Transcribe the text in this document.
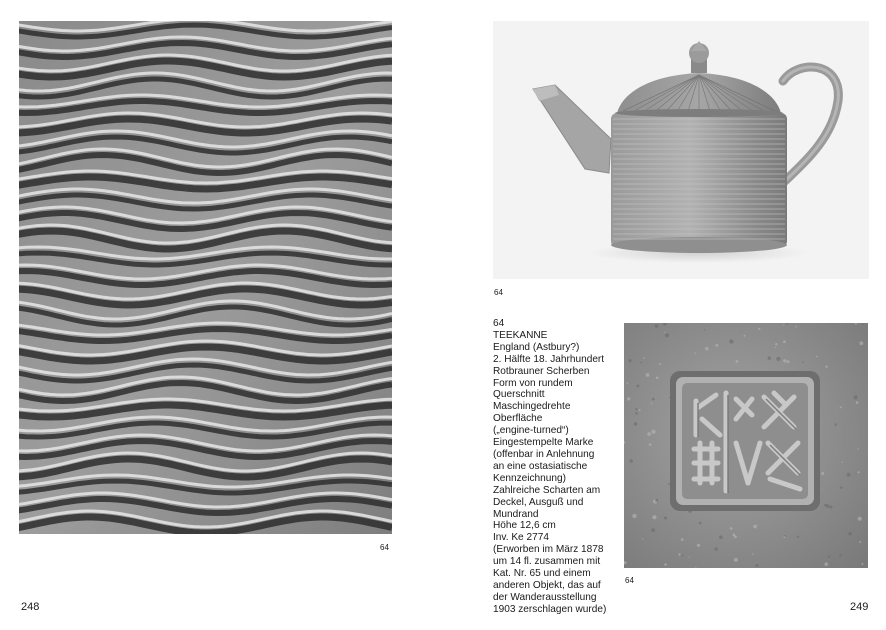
64
248
64
64
TEEKANNE
England (Astbury?)
2. Hälfte 18. Jahrhundert
Rotbrauner Scherben
Form von rundem
Querschnitt
Maschingedrehte
Oberfläche
(„engine-turned“)
Eingestempelte Marke
(offenbar in Anlehnung
an eine ostasiatische
Kennzeichnung)
Zahlreiche Scharten am
Deckel, Ausguß und
Mundrand
Höhe 12,6 cm
Inv. Ke 2774
(Erworben im März 1878
um 14 fl. zusammen mit
Kat. Nr. 65 und einem
anderen Objekt, das auf
der Wanderausstellung
1903 zerschlagen wurde)
64
249
